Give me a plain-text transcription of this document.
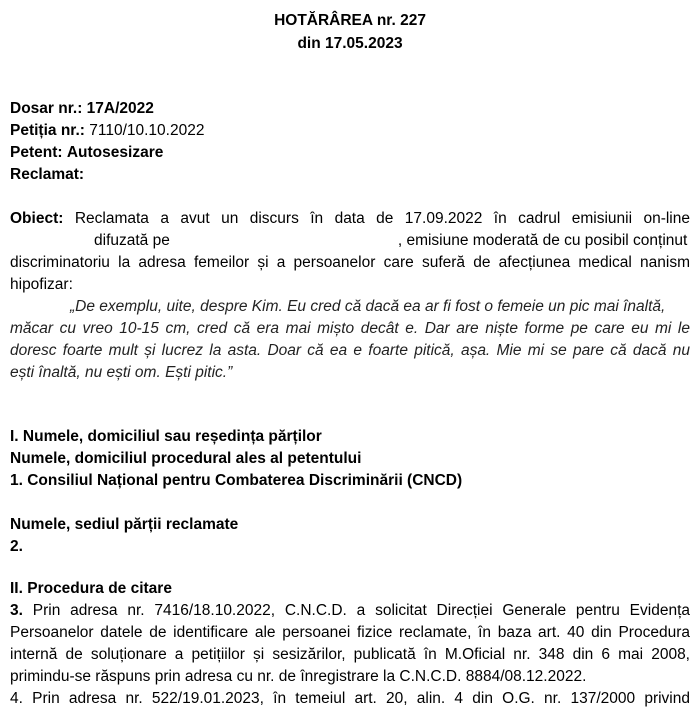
HOTĂRÂREA nr. 227
din 17.05.2023
Dosar nr.: 17A/2022
Petiția nr.: 7110/10.10.2022
Petent: Autosesizare
Reclamat:
Obiect: Reclamata a avut un discurs în data de 17.09.2022 în cadrul emisiunii on-line
difuzată pe	, emisiune moderată de cu posibil conținut
discriminatoriu la adresa femeilor și a persoanelor care suferă de afecțiunea medical nanism
hipofizar:
„De exemplu, uite, despre Kim. Eu cred că dacă ea ar fi fost o femeie un pic mai înaltă,
măcar cu vreo 10-15 cm, cred că era mai mișto decât e. Dar are niște forme pe care eu mi le
doresc foarte mult și lucrez la asta. Doar că ea e foarte pitică, așa. Mie mi se pare că dacă nu
ești înaltă, nu ești om. Ești pitic.”
I. Numele, domiciliul sau reședința părților
Numele, domiciliul procedural ales al petentului
1. Consiliul Național pentru Combaterea Discriminării (CNCD)
Numele, sediul părții reclamate
2.
II. Procedura de citare
3. Prin adresa nr. 7416/18.10.2022, C.N.C.D. a solicitat Direcției Generale pentru Evidența
Persoanelor datele de identificare ale persoanei fizice reclamate, în baza art. 40 din Procedura
internă de soluționare a petițiilor și sesizărilor, publicată în M.Oficial nr. 348 din 6 mai 2008,
primindu-se răspuns prin adresa cu nr. de înregistrare la C.N.C.D. 8884/08.12.2022.
4. Prin adresa nr. 522/19.01.2023, în temeiul art. 20, alin. 4 din O.G. nr. 137/2000 privind
